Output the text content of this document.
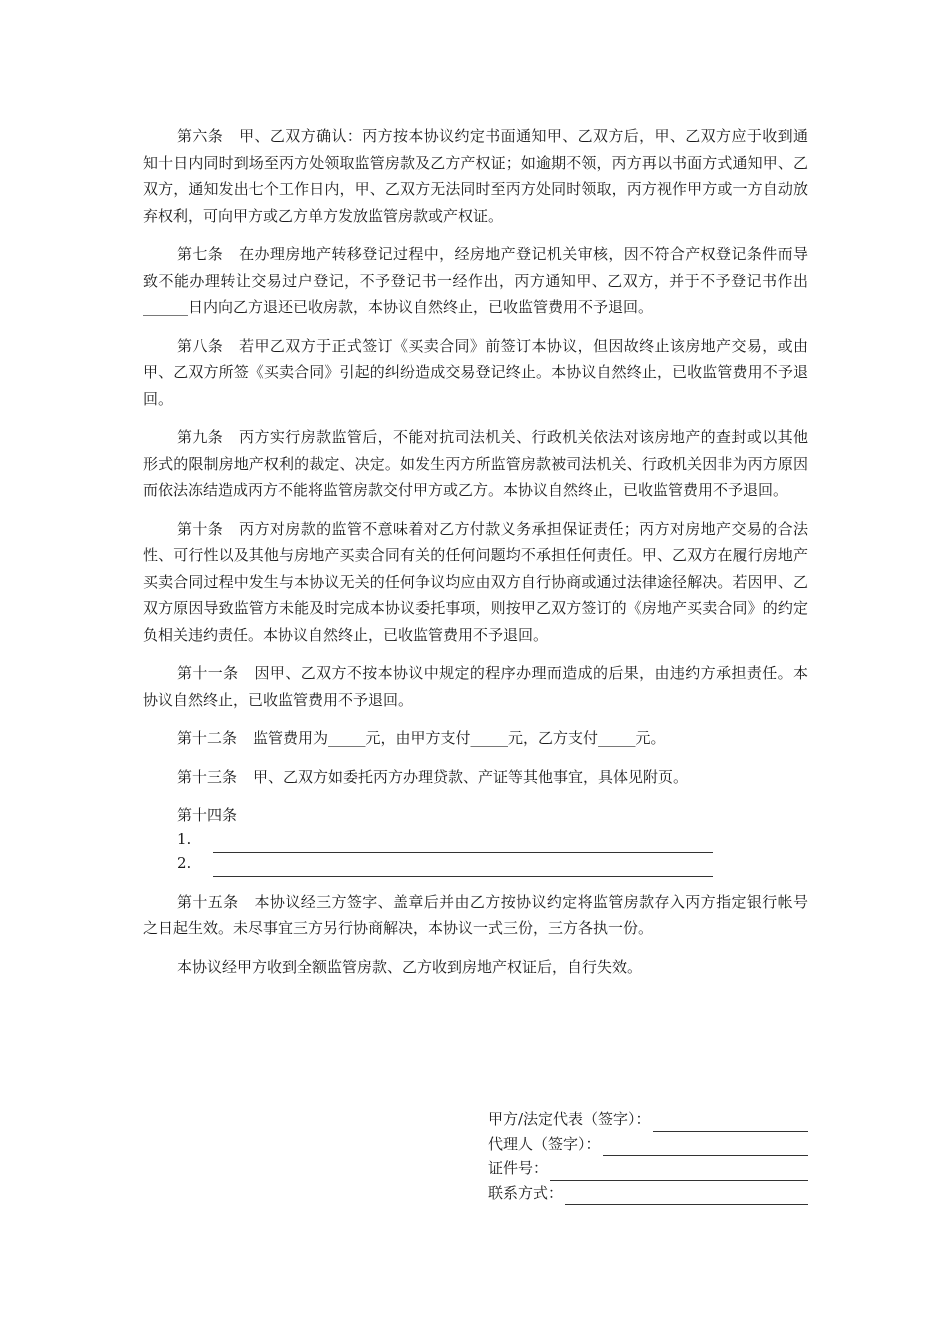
第六条 甲、乙双方确认：丙方按本协议约定书面通知甲、乙双方后，甲、乙双方应于收到通知十日内同时到场至丙方处领取监管房款及乙方产权证；如逾期不领，丙方再以书面方式通知甲、乙双方，通知发出七个工作日内，甲、乙双方无法同时至丙方处同时领取，丙方视作甲方或一方自动放弃权利，可向甲方或乙方单方发放监管房款或产权证。

第七条 在办理房地产转移登记过程中，经房地产登记机关审核，因不符合产权登记条件而导致不能办理转让交易过户登记，不予登记书一经作出，丙方通知甲、乙双方，并于不予登记书作出______日内向乙方退还已收房款，本协议自然终止，已收监管费用不予退回。

第八条 若甲乙双方于正式签订《买卖合同》前签订本协议，但因故终止该房地产交易，或由甲、乙双方所签《买卖合同》引起的纠纷造成交易登记终止。本协议自然终止，已收监管费用不予退回。

第九条 丙方实行房款监管后，不能对抗司法机关、行政机关依法对该房地产的查封或以其他形式的限制房地产权利的裁定、决定。如发生丙方所监管房款被司法机关、行政机关因非为丙方原因而依法冻结造成丙方不能将监管房款交付甲方或乙方。本协议自然终止，已收监管费用不予退回。

第十条 丙方对房款的监管不意味着对乙方付款义务承担保证责任；丙方对房地产交易的合法性、可行性以及其他与房地产买卖合同有关的任何问题均不承担任何责任。甲、乙双方在履行房地产买卖合同过程中发生与本协议无关的任何争议均应由双方自行协商或通过法律途径解决。若因甲、乙双方原因导致监管方未能及时完成本协议委托事项，则按甲乙双方签订的《房地产买卖合同》的约定负相关违约责任。本协议自然终止，已收监管费用不予退回。

第十一条 因甲、乙双方不按本协议中规定的程序办理而造成的后果，由违约方承担责任。本协议自然终止，已收监管费用不予退回。

第十二条 监管费用为_____元，由甲方支付_____元，乙方支付_____元。

第十三条 甲、乙双方如委托丙方办理贷款、产证等其他事宜，具体见附页。

第十四条
1.
2.

第十五条 本协议经三方签字、盖章后并由乙方按协议约定将监管房款存入丙方指定银行帐号之日起生效。未尽事宜三方另行协商解决，本协议一式三份，三方各执一份。

本协议经甲方收到全额监管房款、乙方收到房地产权证后，自行失效。

甲方/法定代表（签字）：
代理人（签字）：
证件号：
联系方式：
